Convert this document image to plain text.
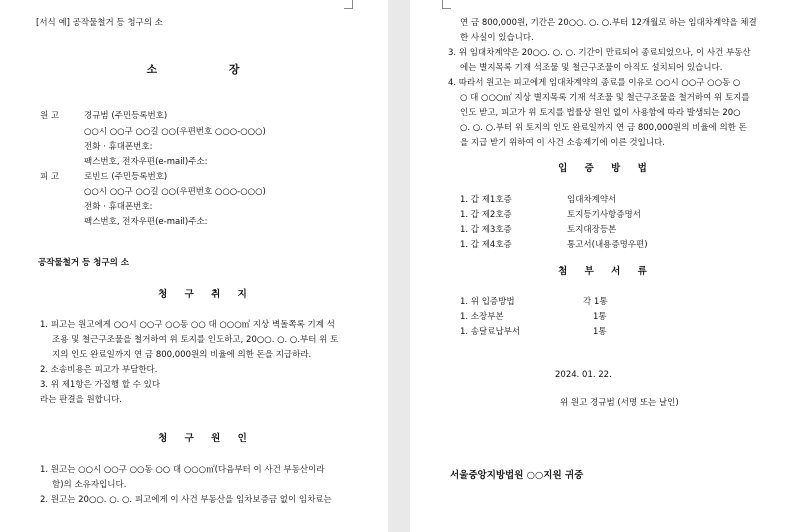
[서식 예] 공작물철거 등 청구의 소
소 장
원 고	경규범 (주민등록번호)
○○시 ○○구 ○○길 ○○(우편번호 ○○○-○○○)
전화 · 휴대폰번호:
팩스번호, 전자우편(e-mail)주소:
피 고	로빈드 (주민등록번호)
○○시 ○○구 ○○길 ○○(우편번호 ○○○-○○○)
전화 · 휴대폰번호:
팩스번호, 전자우편(e-mail)주소:
공작물철거 등 청구의 소
청 구 취 지
1. 피고는 원고에게 ○○시 ○○구 ○○동 ○○ 대 ○○○㎡ 지상 벽돌쪽록 기계 석
조용 및 철근구조물을 철거하여 위 토지를 인도하고, 20○○. ○. ○.부터 위 토
지의 인도 완료일까지 연 금 800,000원의 비율에 의한 돈을 지급하라.
2. 소송비용은 피고가 부담한다.
3. 위 제1항은 가집행 할 수 있다
라는 판결을 원합니다.
청 구 원 인
1. 원고는 ○○시 ○○구 ○○동 ○○ 대 ○○○㎡(다음부터 이 사건 부동산이라
함)의 소유자입니다.
2. 원고는 20○○. ○. ○. 피고에게 이 사건 부동산을 임차보증금 없이 임차료는
연 금 800,000원, 기간은 20○○. ○. ○.부터 12개월로 하는 임대차계약을 체결
한 사실이 있습니다.
3. 위 임대차계약은 20○○. ○. ○. 기간이 만료되어 종료되었으나, 이 사건 부동산
에는 별지목록 기재 석조물 및 철근구조물이 아직도 설치되어 있습니다.
4. 따라서 원고는 피고에게 임대차계약의 종료를 이유로 ○○시 ○○구 ○○동 ○
○ 대 ○○○㎡ 지상 별지목록 기재 석조물 및 철근구조물을 철거하여 위 토지를
인도 받고, 피고가 위 토지를 법률상 원인 없이 사용함에 따라 발생되는 20○
○. ○. ○.부터 위 토지의 인도 완료일까지 연 금 800,000원의 비율에 의한 돈
을 지급 받기 위하여 이 사건 소송제기에 이른 것입니다.
입 증 방 법
1. 갑 제1호증	임대차계약서
1. 갑 제2호증	토지등기사항증명서
1. 갑 제3호증	토지대장등본
1. 갑 제4호증	통고서(내용증명우편)
첨 부 서 류
1. 위 입증방법	각 1통
1. 소장부본	1통
1. 송달료납부서	1통
2024. 01. 22.
위 원고 경규범 (서명 또는 날인)
서울중앙지방법원 ○○지원 귀중
